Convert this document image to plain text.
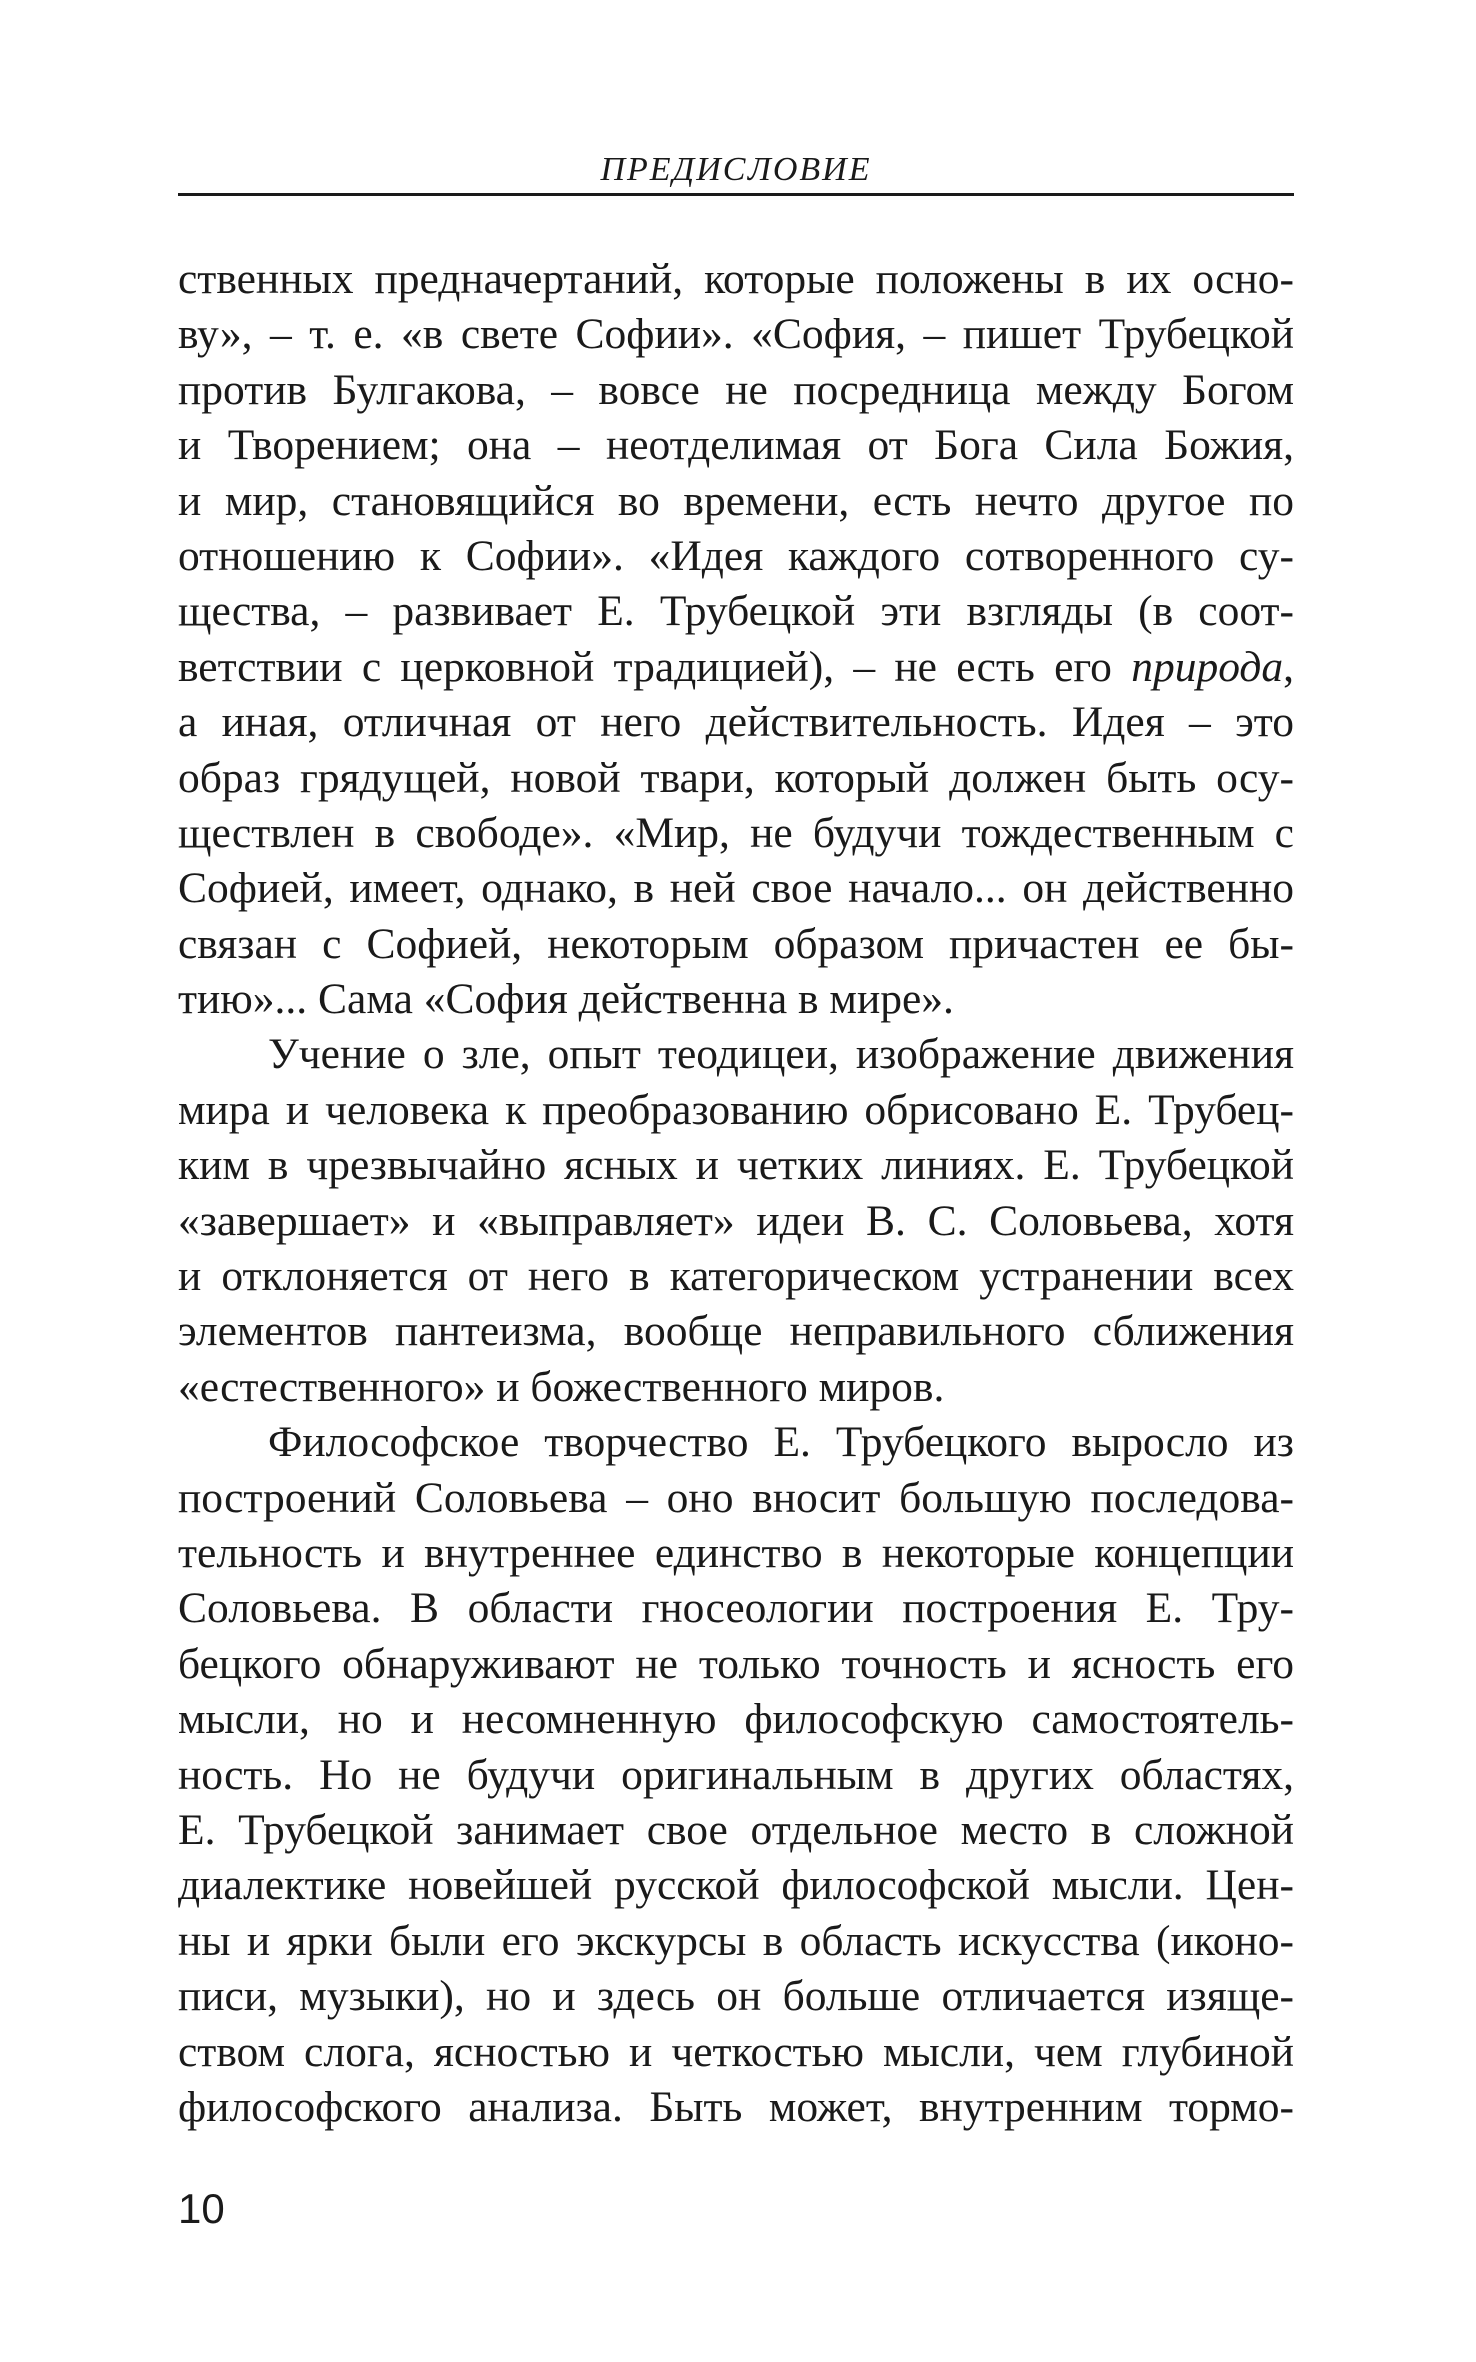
ПРЕДИСЛОВИЕ
ственных предначертаний, которые положены в их осно-
ву», – т. е. «в свете Софии». «София, – пишет Трубецкой
против Булгакова, – вовсе не посредница между Богом
и Творением; она – неотделимая от Бога Сила Божия,
и мир, становящийся во времени, есть нечто другое по
отношению к Софии». «Идея каждого сотворенного су-
щества, – развивает Е. Трубецкой эти взгляды (в соот-
ветствии с церковной традицией), – не есть его природа,
а иная, отличная от него действительность. Идея – это
образ грядущей, новой твари, который должен быть осу-
ществлен в свободе». «Мир, не будучи тождественным с
Софией, имеет, однако, в ней свое начало... он действенно
связан с Софией, некоторым образом причастен ее бы-
тию»... Сама «София действенна в мире».
Учение о зле, опыт теодицеи, изображение движения
мира и человека к преобразованию обрисовано Е. Трубец-
ким в чрезвычайно ясных и четких линиях. Е. Трубецкой
«завершает» и «выправляет» идеи В. С. Соловьева, хотя
и отклоняется от него в категорическом устранении всех
элементов пантеизма, вообще неправильного сближения
«естественного» и божественного миров.
Философское творчество Е. Трубецкого выросло из
построений Соловьева – оно вносит большую последова-
тельность и внутреннее единство в некоторые концепции
Соловьева. В области гносеологии построения Е. Тру-
бецкого обнаруживают не только точность и ясность его
мысли, но и несомненную философскую самостоятель-
ность. Но не будучи оригинальным в других областях,
Е. Трубецкой занимает свое отдельное место в сложной
диалектике новейшей русской философской мысли. Цен-
ны и ярки были его экскурсы в область искусства (иконо-
писи, музыки), но и здесь он больше отличается изяще-
ством слога, ясностью и четкостью мысли, чем глубиной
философского анализа. Быть может, внутренним тормо-
10
